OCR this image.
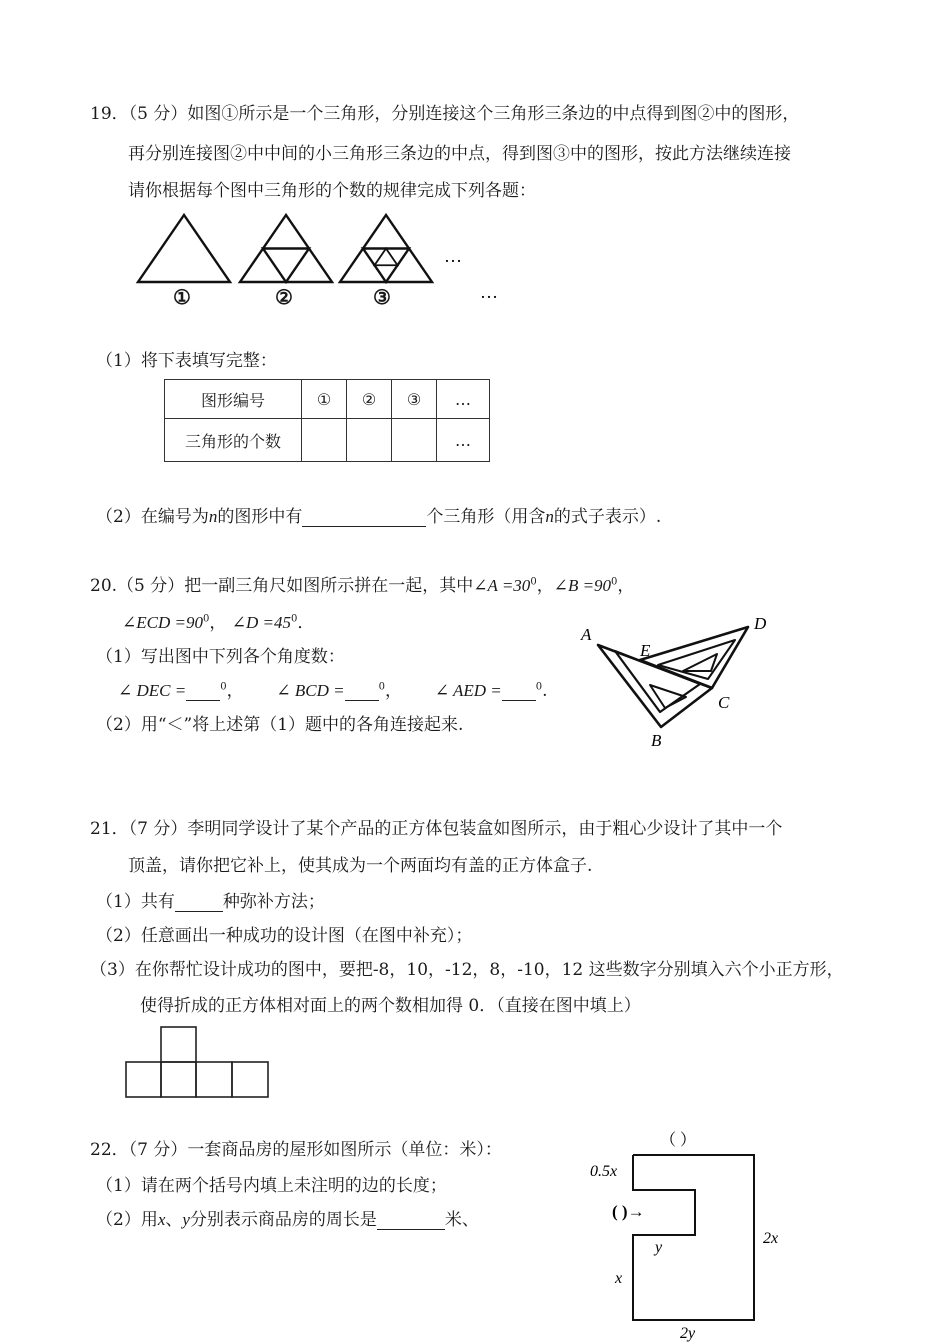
19．（5 分）如图①所示是一个三角形，分别连接这个三角形三条边的中点得到图②中的图形，
再分别连接图②中中间的小三角形三条边的中点，得到图③中的图形，按此方法继续连接
请你根据每个图中三角形的个数的规律完成下列各题：
…
…
①	②	③
（1）将下表填写完整：
图形编号	①	②	③	…
三角形的个数				…
（2）在编号为n的图形中有	个三角形（用含n的式子表示）.
20.（5 分）把一副三角尺如图所示拼在一起，其中∠A $=30^0$，∠B $=90^0$，
∠ECD $=90^0$， ∠D $=45^0$．
（1）写出图中下列各个角度数：
∠ DEC =	$^0$， ∠ BCD =	$^0$， ∠ AED =	$^0$.
（2）用“＜”将上述第（1）题中的各角连接起来.
A
E
D
C
B
21．（7 分）李明同学设计了某个产品的正方体包装盒如图所示，由于粗心少设计了其中一个
顶盖，请你把它补上，使其成为一个两面均有盖的正方体盒子.
（1）共有	种弥补方法；
（2）任意画出一种成功的设计图（在图中补充）；
（3）在你帮忙设计成功的图中，要把-8，10，-12，8，-10，12 这些数字分别填入六个小正方形，
使得折成的正方体相对面上的两个数相加得 0．（直接在图中填上）
22．（7 分）一套商品房的屋形如图所示（单位：米）：
（1）请在两个括号内填上未注明的边的长度；
（2）用x、y分别表示商品房的周长是	米、
（ ）
0.5x
( )→
y
2x
x
2y
